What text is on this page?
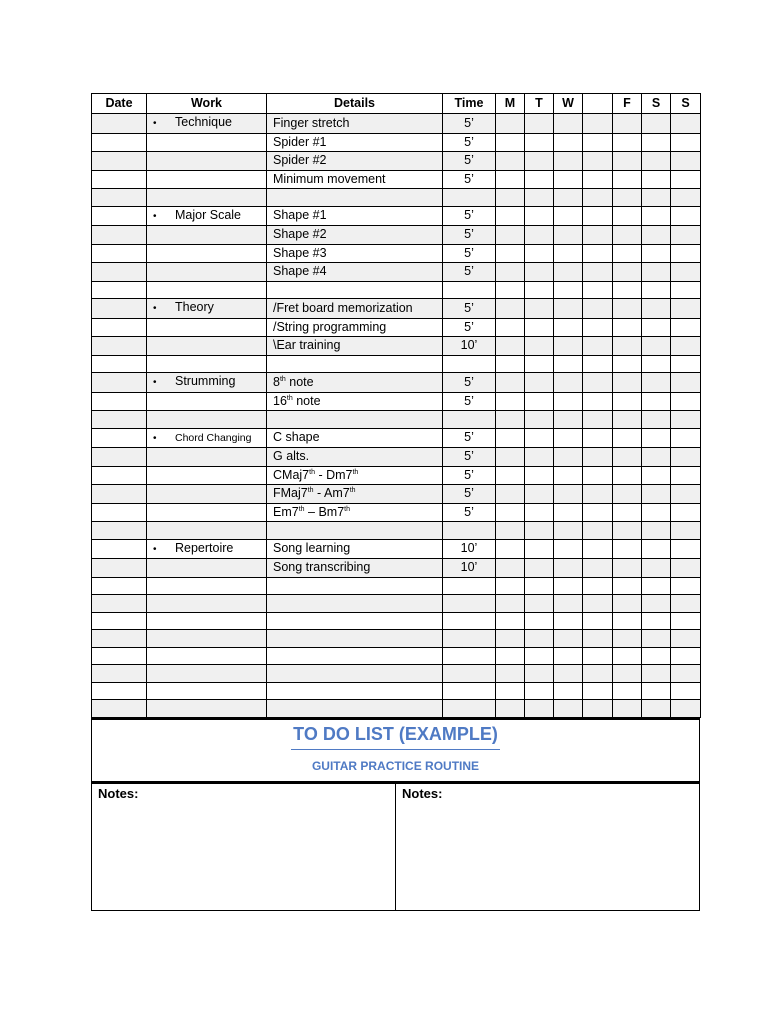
Date	Work	Details	Time	M	T	W		F	S	S
	• Technique	Finger stretch	5’							
		Spider #1	5’							
		Spider #2	5’							
		Minimum movement	5’							

	• Major Scale	Shape #1	5’							
		Shape #2	5’							
		Shape #3	5’							
		Shape #4	5’							

	• Theory	/Fret board memorization	5’							
		/String programming	5’							
		\Ear training	10’							

	• Strumming	8th note	5’							
		16th note	5’							

	• Chord Changing	C shape	5’							
		G alts.	5’							
		CMaj7th - Dm7th	5’							
		FMaj7th - Am7th	5’							
		Em7th – Bm7th	5’							

	• Repertoire	Song learning	10’							
		Song transcribing	10’							

TO DO LIST (EXAMPLE)
GUITAR PRACTICE ROUTINE
Notes:	Notes:
